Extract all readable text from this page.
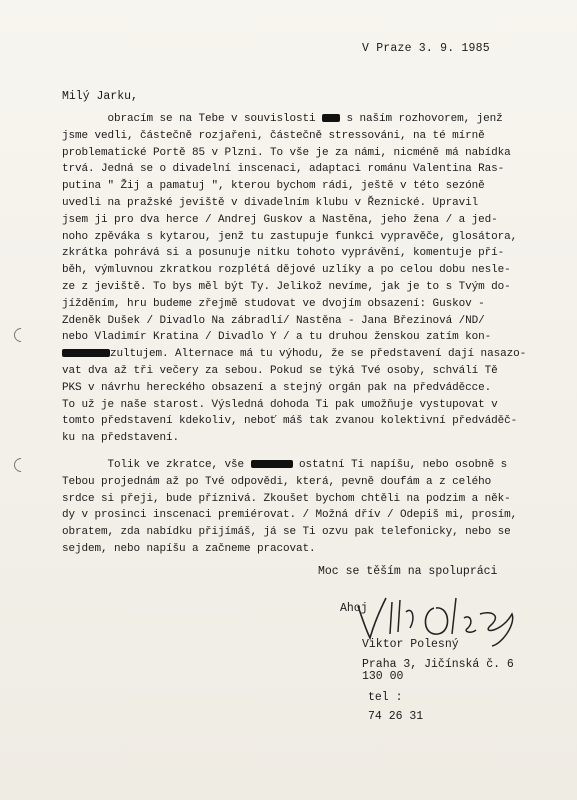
V Praze 3. 9. 1985
Milý Jarku,
obracím se na Tebe v souvislosti  s naším rozhovorem, jenž
jsme vedli, částečně rozjařeni, částečně stressováni, na té mírně
problematické Portě 85 v Plzni. To vše je za námi, nicméně má nabídka
trvá. Jedná se o divadelní inscenaci, adaptaci románu Valentina Ras-
putina " Žij a pamatuj ", kterou bychom rádi, ještě v této sezóně
uvedli na pražské jeviště v divadelním klubu v Řeznické. Upravil
jsem ji pro dva herce / Andrej Guskov a Nastěna, jeho žena / a jed-
noho zpěváka s kytarou, jenž tu zastupuje funkci vypravěče, glosátora,
zkrátka pohrává si a posunuje nitku tohoto vyprávění, komentuje pří-
běh, výmluvnou zkratkou rozplétá dějové uzlíky a po celou dobu nesle-
ze z jeviště. To bys měl být Ty. Jelikož nevíme, jak je to s Tvým do-
jížděním, hru budeme zřejmě studovat ve dvojím obsazení: Guskov -
Zdeněk Dušek / Divadlo Na zábradlí/ Nastěna - Jana Březinová /ND/
nebo Vladimír Kratina / Divadlo Y / a tu druhou ženskou zatím kon-
zultujem. Alternace má tu výhodu, že se představení dají nasazo-
vat dva až tři večery za sebou. Pokud se týká Tvé osoby, schválí Tě
PKS v návrhu hereckého obsazení a stejný orgán pak na předváděcce.
To už je naše starost. Výsledná dohoda Ti pak umožňuje vystupovat v
tomto představení kdekoliv, neboť máš tak zvanou kolektivní předváděč-
ku na představení.
Tolik ve zkratce, vše	ostatní Ti napíšu, nebo osobně s
Tebou projednám až po Tvé odpovědi, která, pevně doufám a z celého
srdce si přeji, bude příznivá. Zkoušet bychom chtěli na podzim a něk-
dy v prosinci inscenaci premiérovat. / Možná dřív / Odepiš mi, prosím,
obratem, zda nabídku přijímáš, já se Ti ozvu pak telefonicky, nebo se
sejdem, nebo napíšu a začneme pracovat.
Moc se těším na spolupráci
Ahoj
Viktor Polesný
Praha 3, Jičínská č. 6
130 00
tel :
74 26 31
